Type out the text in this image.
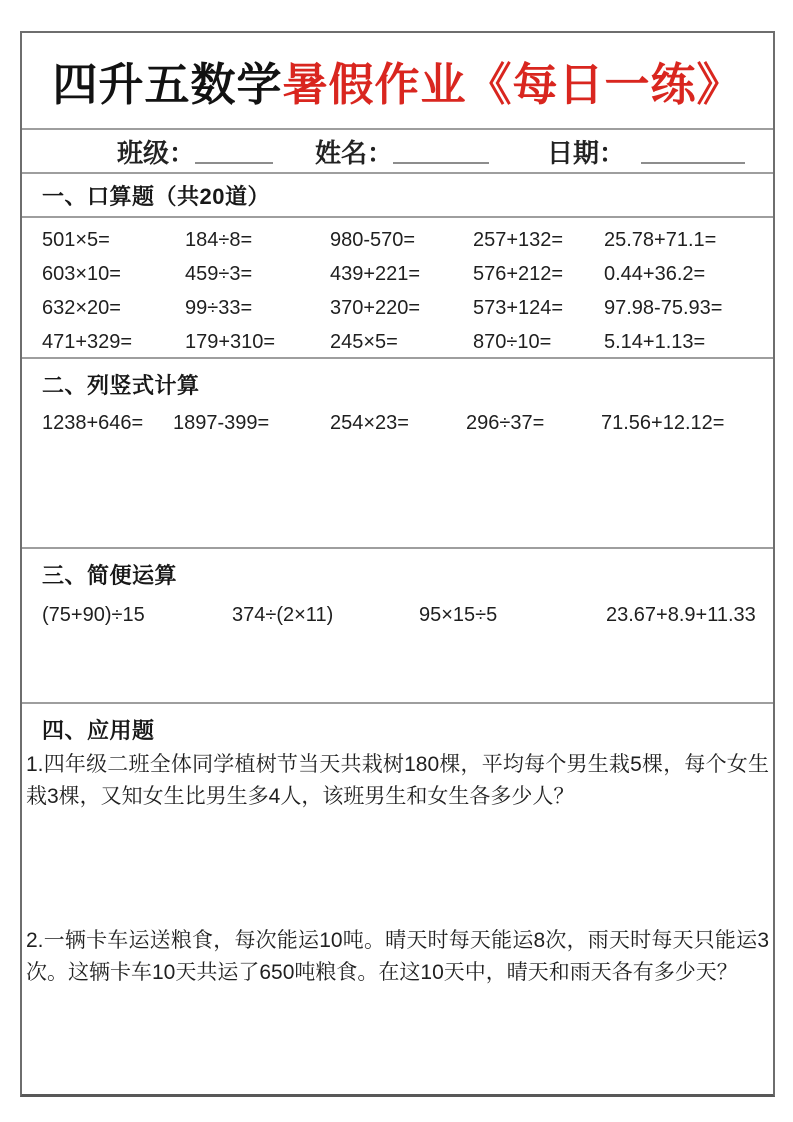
四升五数学 暑假作业《每日一练》
班级：	姓名：	日期：
一、口算题（共20道）
501×5=	184÷8=	980-570=	257+132=	25.78+71.1=
603×10=	459÷3=	439+221=	576+212=	0.44+36.2=
632×20=	99÷33=	370+220=	573+124=	97.98-75.93=
471+329=	179+310=	245×5=	870÷10=	5.14+1.13=
二、列竖式计算
1238+646=	1897-399=	254×23=	296÷37=	71.56+12.12=
三、简便运算
(75+90)÷15	374÷(2×11)	95×15÷5	23.67+8.9+11.33
四、应用题

1.四年级二班全体同学植树节当天共栽树180棵，平均每个男生栽5棵，每个女生 栽3棵，又知女生比男生多4人，该班男生和女生各多少人？

2.一辆卡车运送粮食，每次能运10吨。晴天时每天能运8次，雨天时每天只能运3 次。这辆卡车10天共运了650吨粮食。在这10天中，晴天和雨天各有多少天？
